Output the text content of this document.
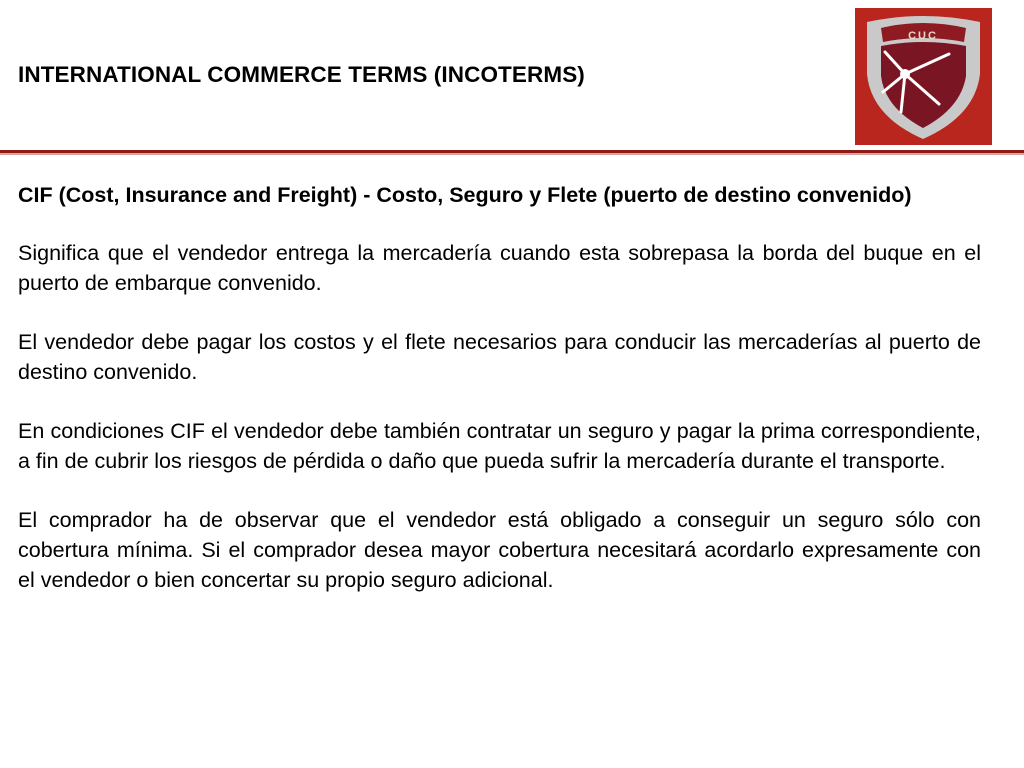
INTERNATIONAL COMMERCE TERMS (INCOTERMS)
CUC

CIF (Cost, Insurance and Freight) - Costo, Seguro y Flete (puerto de destino convenido)

Significa que el vendedor entrega la mercadería cuando esta sobrepasa la borda del buque en el puerto de embarque convenido.

El vendedor debe pagar los costos y el flete necesarios para conducir las mercaderías al puerto de destino convenido.

En condiciones CIF el vendedor debe también contratar un seguro y pagar la prima correspondiente, a fin de cubrir los riesgos de pérdida o daño que pueda sufrir la mercadería durante el transporte.

El comprador ha de observar que el vendedor está obligado a conseguir un seguro sólo con cobertura mínima. Si el comprador desea mayor cobertura necesitará acordarlo expresamente con el vendedor o bien concertar su propio seguro adicional.
